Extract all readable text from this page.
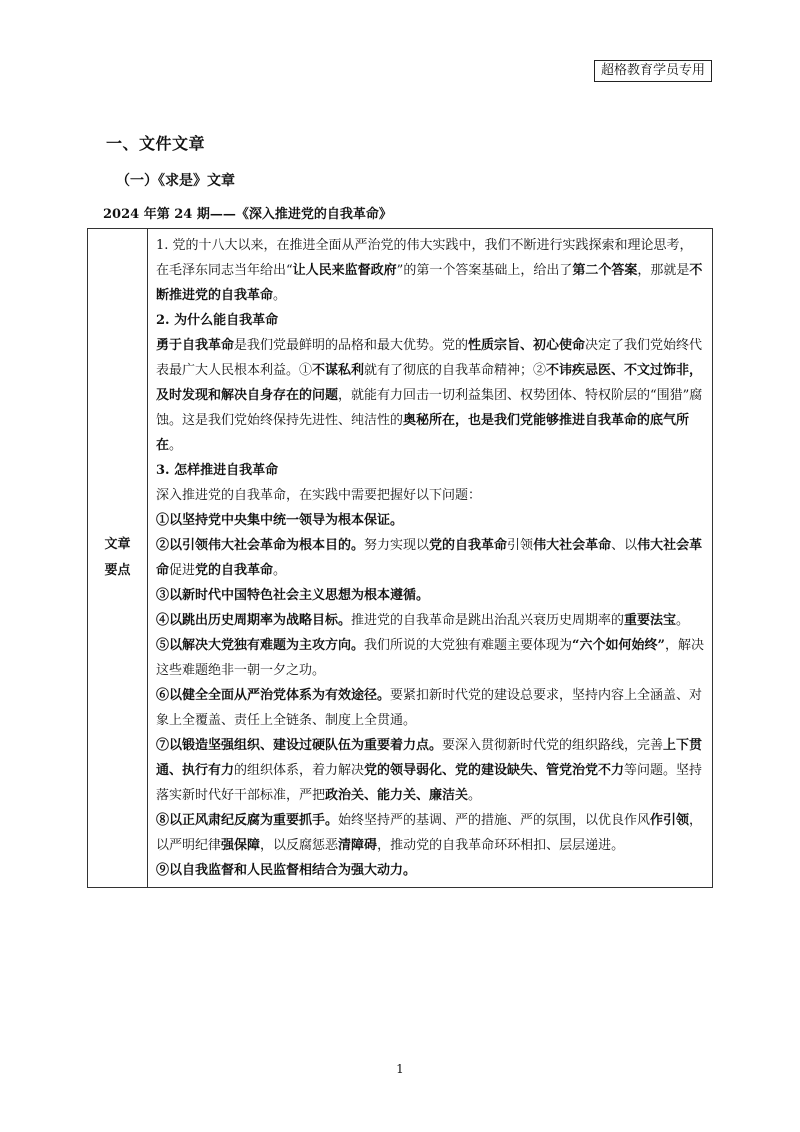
超格教育学员专用
一、文件文章
（一）《求是》文章
2024 年第 24 期——《深入推进党的自我革命》
文章
要点

1. 党的十八大以来，在推进全面从严治党的伟大实践中，我们不断进行实践探索和理论思考，在毛泽东同志当年给出“让人民来监督政府”的第一个答案基础上，给出了第二个答案，那就是不断推进党的自我革命。

2. 为什么能自我革命

勇于自我革命是我们党最鲜明的品格和最大优势。党的性质宗旨、初心使命决定了我们党始终代表最广大人民根本利益。①不谋私利就有了彻底的自我革命精神；②不讳疾忌医、不文过饰非，及时发现和解决自身存在的问题，就能有力回击一切利益集团、权势团体、特权阶层的“围猎”腐蚀。这是我们党始终保持先进性、纯洁性的奥秘所在，也是我们党能够推进自我革命的底气所在。

3. 怎样推进自我革命

深入推进党的自我革命，在实践中需要把握好以下问题：

①以坚持党中央集中统一领导为根本保证。

②以引领伟大社会革命为根本目的。努力实现以党的自我革命引领伟大社会革命、以伟大社会革命促进党的自我革命。

③以新时代中国特色社会主义思想为根本遵循。

④以跳出历史周期率为战略目标。推进党的自我革命是跳出治乱兴衰历史周期率的重要法宝。

⑤以解决大党独有难题为主攻方向。我们所说的大党独有难题主要体现为“六个如何始终”，解决这些难题绝非一朝一夕之功。

⑥以健全全面从严治党体系为有效途径。要紧扣新时代党的建设总要求，坚持内容上全涵盖、对象上全覆盖、责任上全链条、制度上全贯通。

⑦以锻造坚强组织、建设过硬队伍为重要着力点。要深入贯彻新时代党的组织路线，完善上下贯通、执行有力的组织体系，着力解决党的领导弱化、党的建设缺失、管党治党不力等问题。坚持落实新时代好干部标准，严把政治关、能力关、廉洁关。

⑧以正风肃纪反腐为重要抓手。始终坚持严的基调、严的措施、严的氛围，以优良作风作引领，以严明纪律强保障，以反腐惩恶清障碍，推动党的自我革命环环相扣、层层递进。

⑨以自我监督和人民监督相结合为强大动力。

1
